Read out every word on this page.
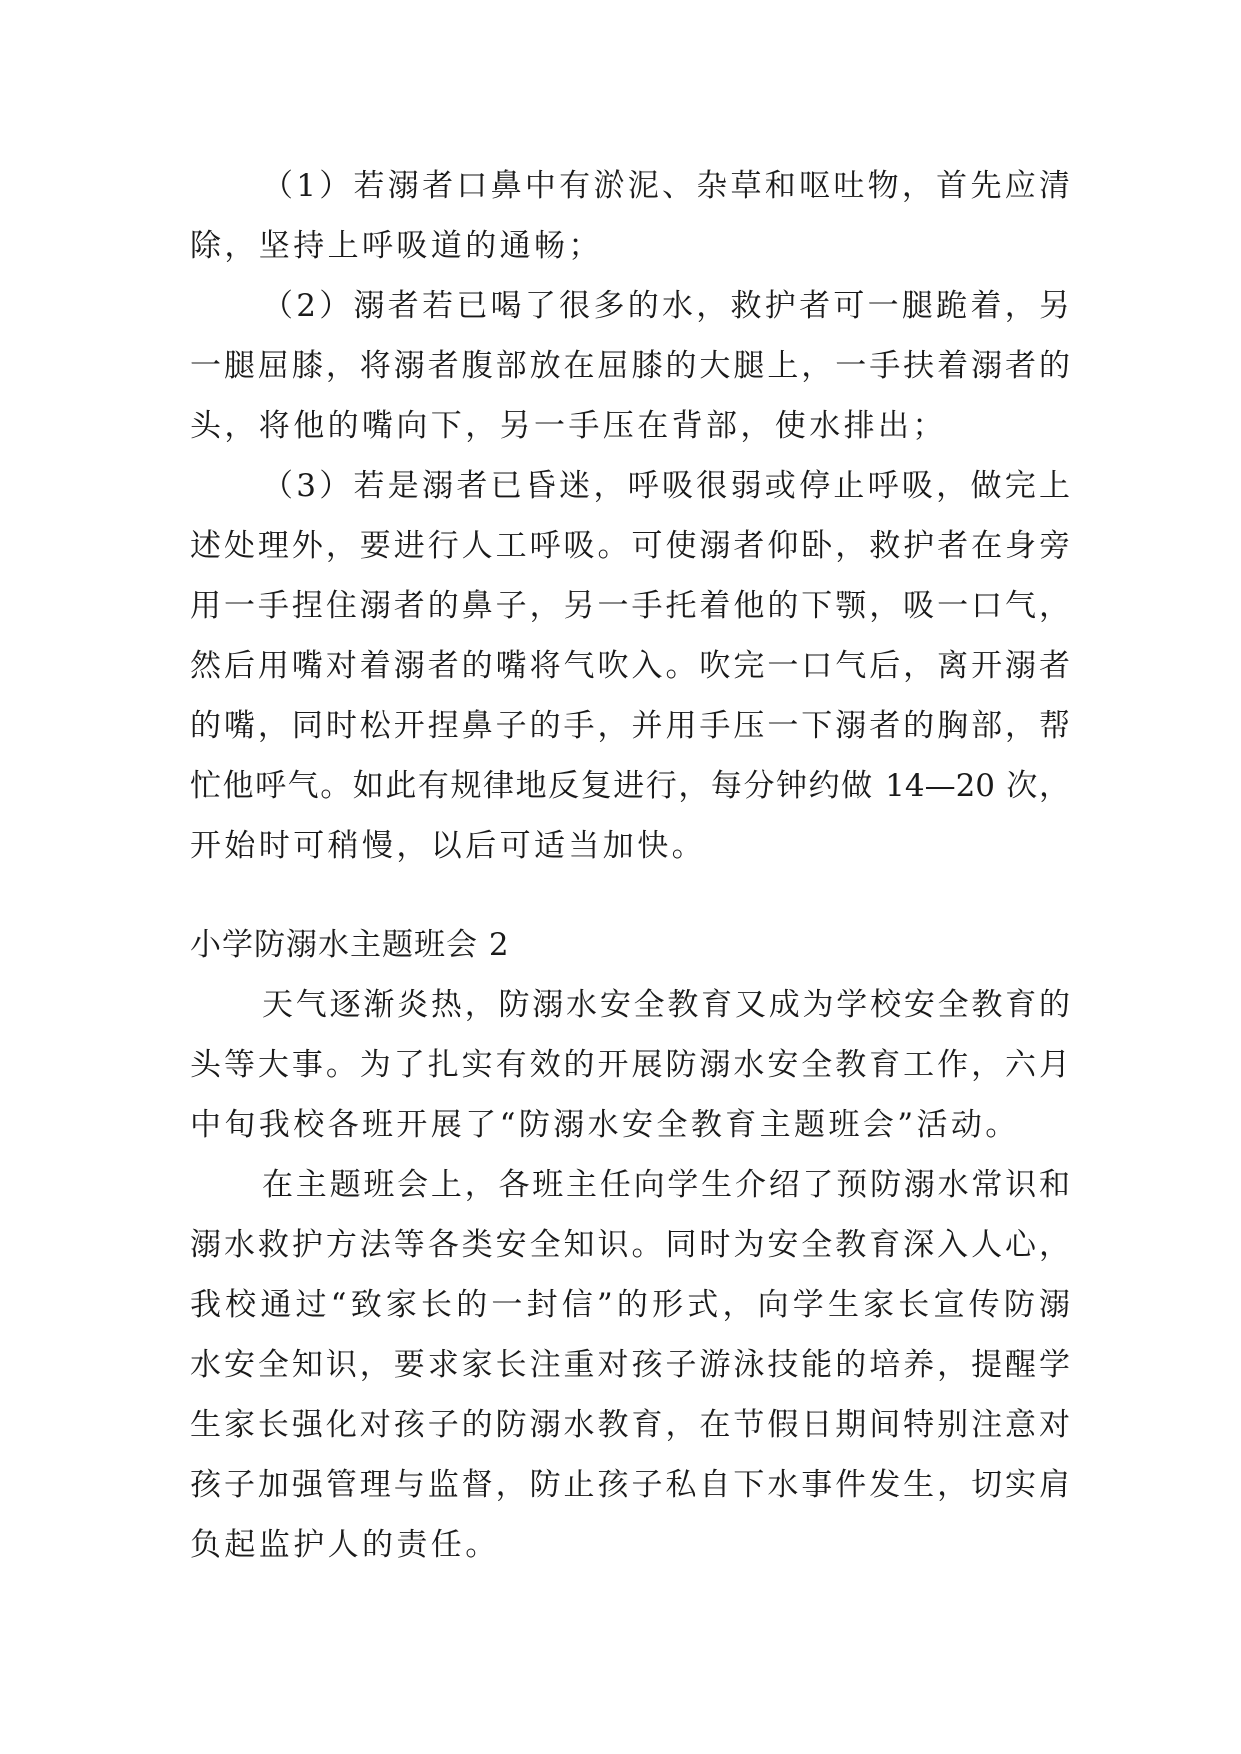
（1）若溺者口鼻中有淤泥、杂草和呕吐物，首先应清
除，坚持上呼吸道的通畅；
（2）溺者若已喝了很多的水，救护者可一腿跪着，另
一腿屈膝，将溺者腹部放在屈膝的大腿上，一手扶着溺者的
头，将他的嘴向下，另一手压在背部，使水排出；
（3）若是溺者已昏迷，呼吸很弱或停止呼吸，做完上
述处理外，要进行人工呼吸。可使溺者仰卧，救护者在身旁
用一手捏住溺者的鼻子，另一手托着他的下颚，吸一口气，
然后用嘴对着溺者的嘴将气吹入。吹完一口气后，离开溺者
的嘴，同时松开捏鼻子的手，并用手压一下溺者的胸部，帮
忙他呼气。如此有规律地反复进行，每分钟约做 14—20 次，
开始时可稍慢，以后可适当加快。
小学防溺水主题班会 2
天气逐渐炎热，防溺水安全教育又成为学校安全教育的
头等大事。为了扎实有效的开展防溺水安全教育工作，六月
中旬我校各班开展了“防溺水安全教育主题班会”活动。
在主题班会上，各班主任向学生介绍了预防溺水常识和
溺水救护方法等各类安全知识。同时为安全教育深入人心，
我校通过“致家长的一封信”的形式，向学生家长宣传防溺
水安全知识，要求家长注重对孩子游泳技能的培养，提醒学
生家长强化对孩子的防溺水教育，在节假日期间特别注意对
孩子加强管理与监督，防止孩子私自下水事件发生，切实肩
负起监护人的责任。
